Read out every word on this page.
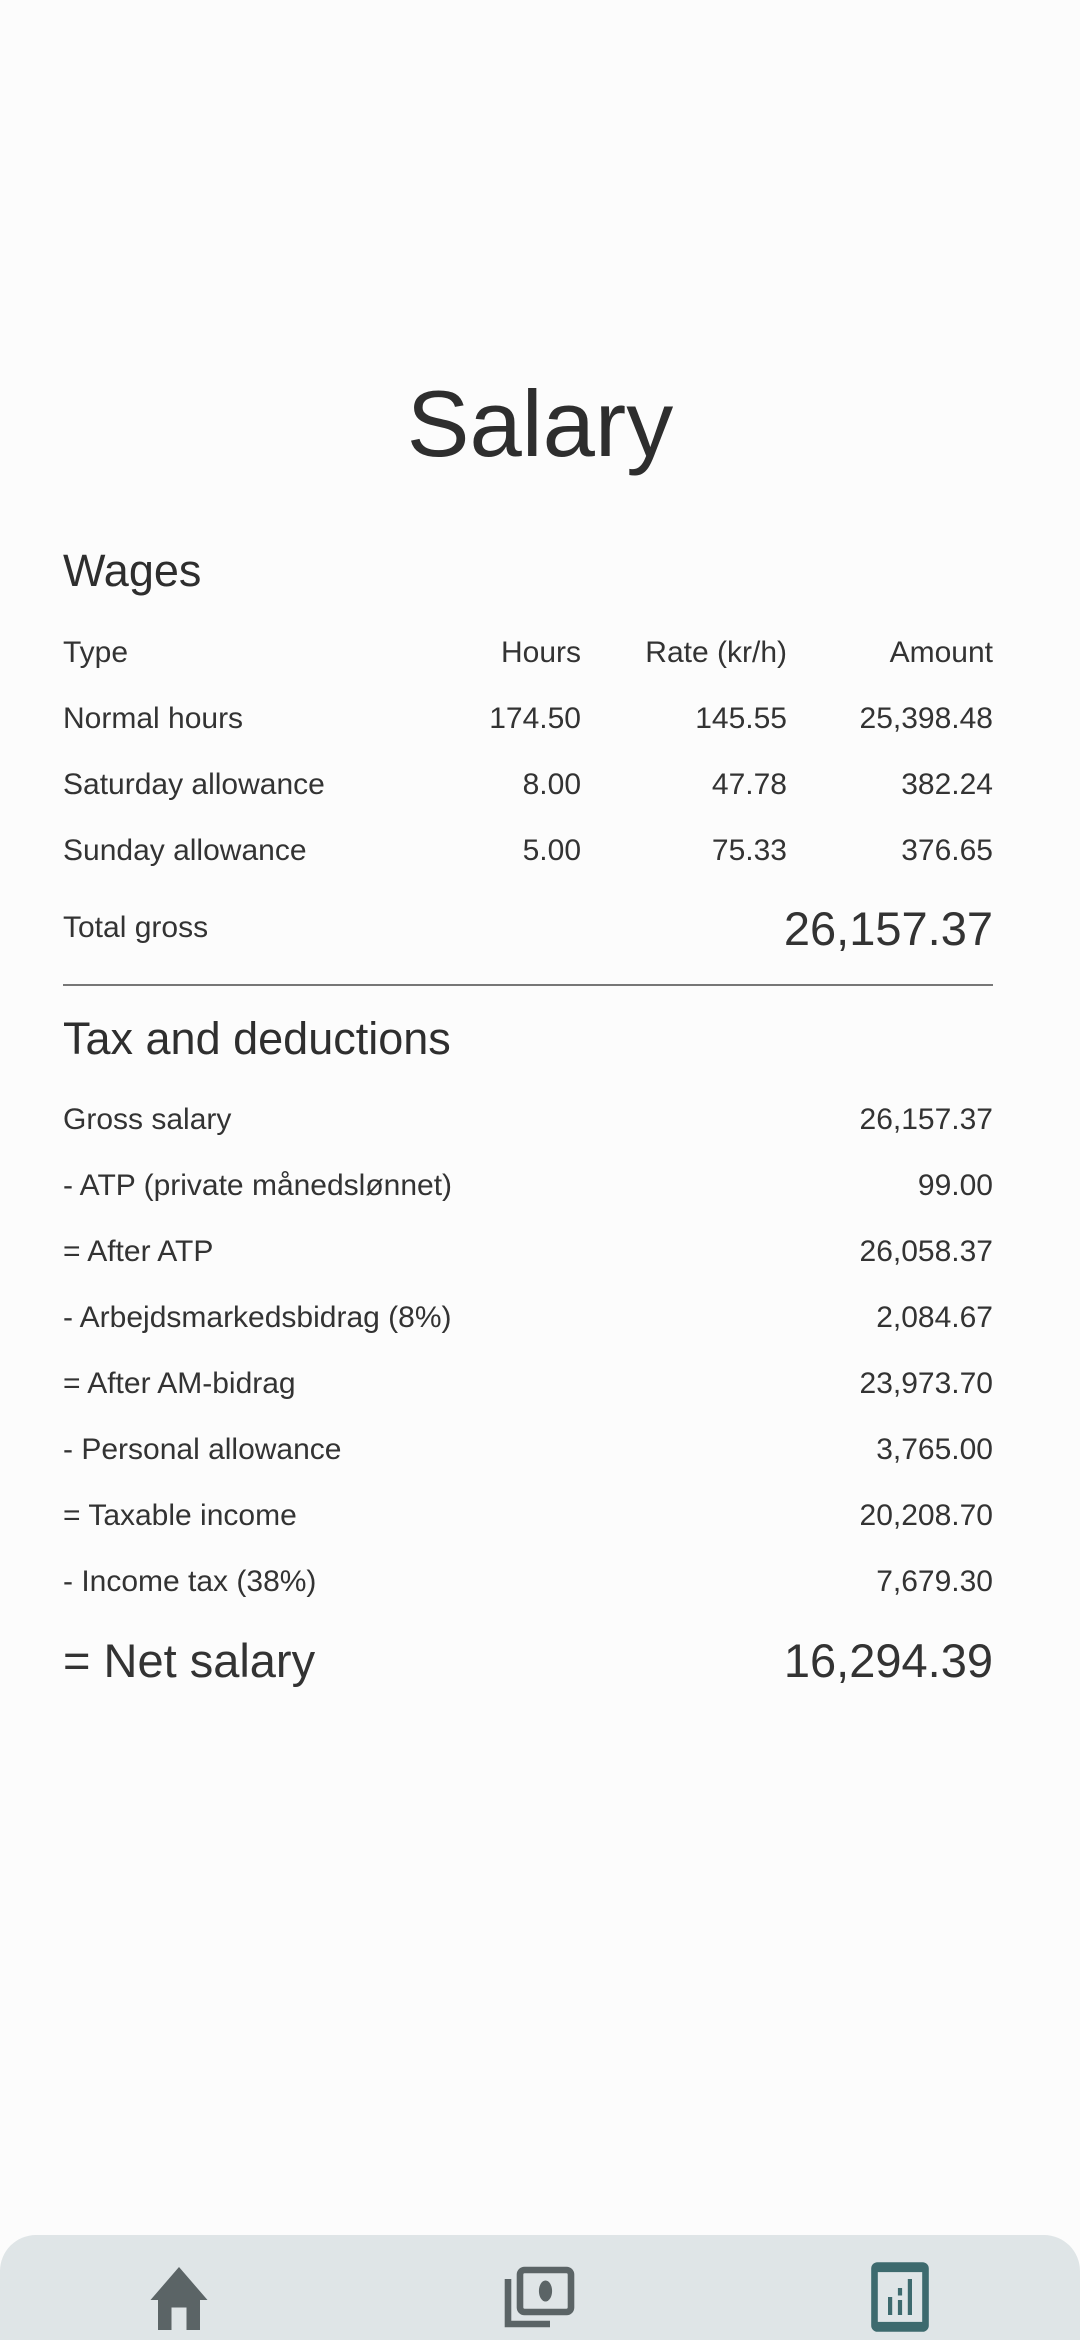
Salary
Wages
Type	Hours	Rate (kr/h)	Amount
Normal hours	174.50	145.55	25,398.48
Saturday allowance	8.00	47.78	382.24
Sunday allowance	5.00	75.33	376.65
Total gross	26,157.37
Tax and deductions
Gross salary	26,157.37
- ATP (private månedslønnet)	99.00
= After ATP	26,058.37
- Arbejdsmarkedsbidrag (8%)	2,084.67
= After AM-bidrag	23,973.70
- Personal allowance	3,765.00
= Taxable income	20,208.70
- Income tax (38%)	7,679.30
= Net salary	16,294.39
